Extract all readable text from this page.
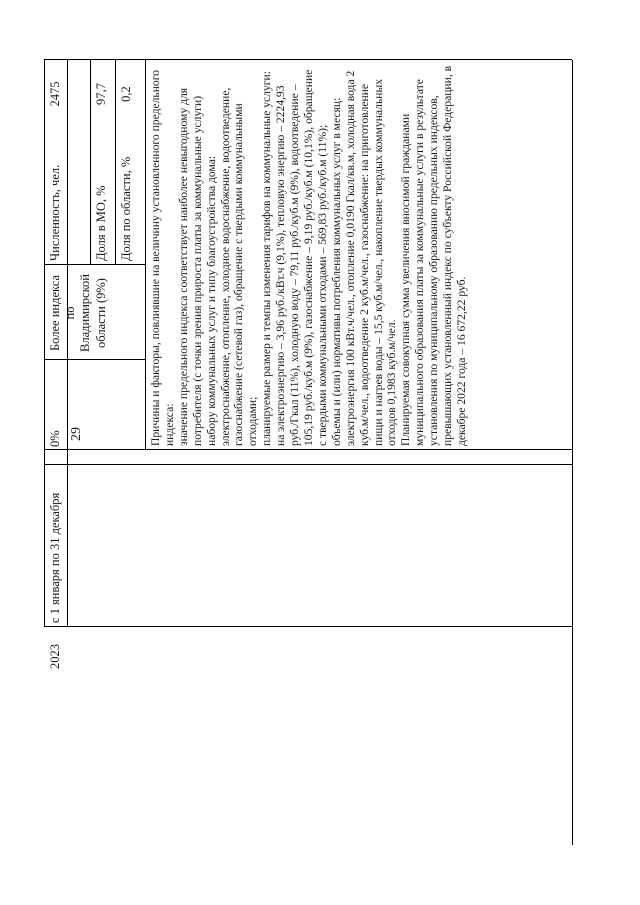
29
2023
с 1 января по 31 декабря
0%
Более индекса по Владимирской области (9%)
Численность, чел.
2475
Доля в МО, %
97,7
Доля по области, %
0,2 Причины и факторы, повлиявшие на величину установленного предельного индекса: значение предельного индекса соответствует наиболее невыгодному для потребителя (с точки зрения прироста платы за коммунальные услуги) набору коммунальных услуг и типу благоустройства дома: электроснабжение, отопление, холодное водоснабжение, водоотведение, газоснабжение (сетевой газ), обращение с твердыми коммунальными отходами; планируемые размер и темпы изменения тарифов на коммунальные услуги: на электроэнергию – 3,96 руб./кВт.ч (9,1%), тепловую энергию – 2224,93 руб./Гкал (11%), холодную воду – 79,11 руб./куб.м (9%), водоотведение – 105,19 руб./куб.м (9%), газоснабжение – 9,19 руб./куб.м (10,1%), обращение с твердыми коммунальными отходами – 569,83 руб./куб.м (11%); объемы и (или) нормативы потребления коммунальных услуг в месяц: электроэнергия 100 кВт.ч/чел., отопление 0,0190 Гкал/кв.м, холодная вода 2 куб.м/чел., водоотведение 2 куб.м/чел., газоснабжение: на приготовление пищи и нагрев воды – 15,5 куб.м/чел., накопление твердых коммунальных отходов 0,1983 куб.м/чел. Планируемая совокупная сумма увеличения вносимой гражданами муниципального образования платы за коммунальные услуги в результате установления по муниципальному образованию предельных индексов, превышающих установленный индекс по субъекту Российской Федерации, в декабре 2022 года – 16 672,22 руб.
